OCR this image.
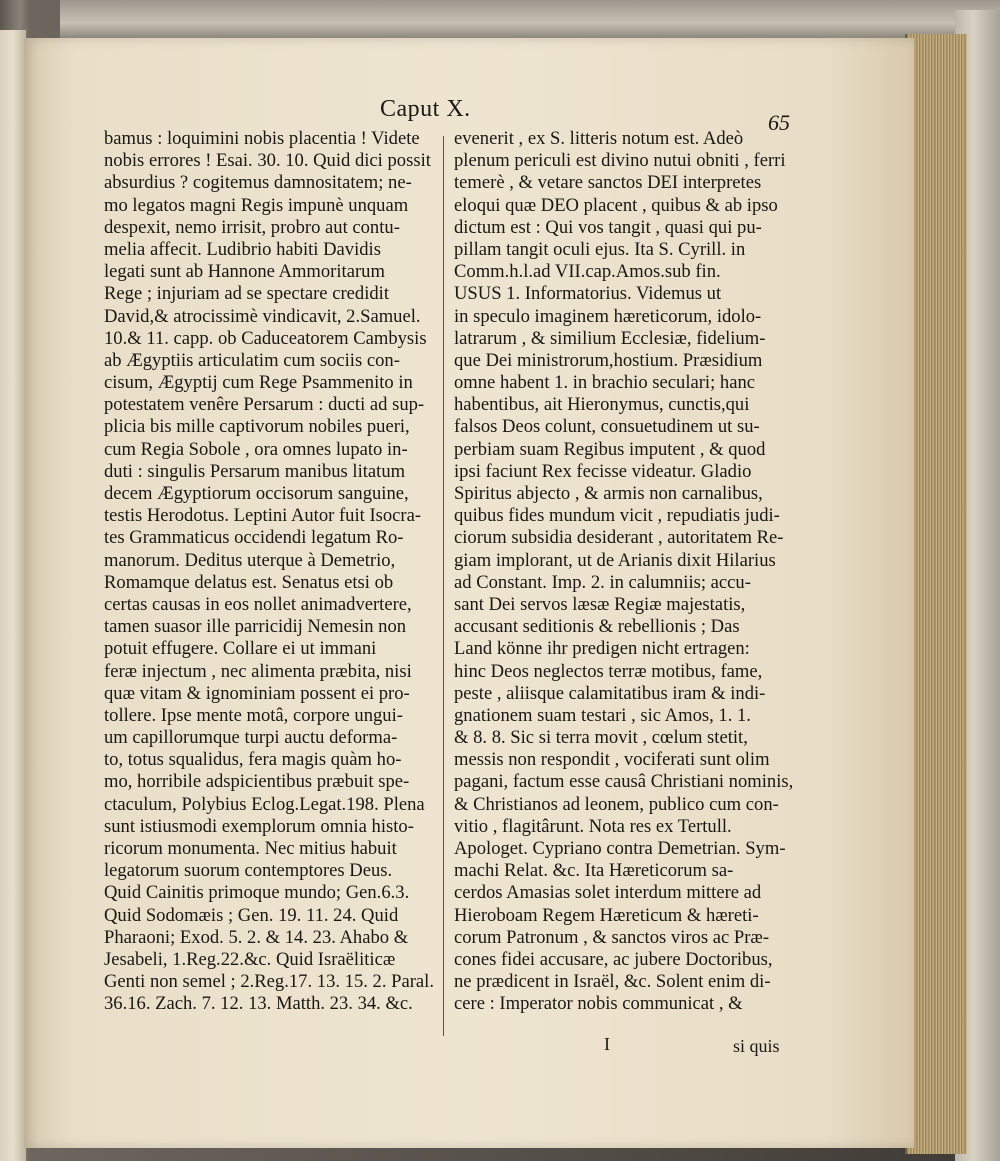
Caput X.
65
bamus : loquimini nobis placentia ! Videte
nobis errores ! Esai. 30. 10. Quid dici possit
absurdius ? cogitemus damnositatem; ne-
mo legatos magni Regis impunè unquam
despexit, nemo irrisit, probro aut contu-
melia affecit. Ludibrio habiti Davidis
legati sunt ab Hannone Ammoritarum
Rege ; injuriam ad se spectare credidit
David,& atrocissimè vindicavit, 2.Samuel.
10.& 11. capp. ob Caduceatorem Cambysis
ab Ægyptiis articulatim cum sociis con-
cisum, Ægyptij cum Rege Psammenito in
potestatem venêre Persarum : ducti ad sup-
plicia bis mille captivorum nobiles pueri,
cum Regia Sobole , ora omnes lupato in-
duti : singulis Persarum manibus litatum
decem Ægyptiorum occisorum sanguine,
testis Herodotus. Leptini Autor fuit Isocra-
tes Grammaticus occidendi legatum Ro-
manorum. Deditus uterque à Demetrio,
Romamque delatus est. Senatus etsi ob
certas causas in eos nollet animadvertere,
tamen suasor ille parricidij Nemesin non
potuit effugere. Collare ei ut immani
feræ injectum , nec alimenta præbita, nisi
quæ vitam & ignominiam possent ei pro-
tollere. Ipse mente motâ, corpore ungui-
um capillorumque turpi auctu deforma-
to, totus squalidus, fera magis quàm ho-
mo, horribile adspicientibus præbuit spe-
ctaculum, Polybius Eclog.Legat.198. Plena
sunt istiusmodi exemplorum omnia histo-
ricorum monumenta. Nec mitius habuit
legatorum suorum contemptores Deus.
Quid Cainitis primoque mundo; Gen.6.3.
Quid Sodomæis ; Gen. 19. 11. 24. Quid
Pharaoni; Exod. 5. 2. & 14. 23. Ahabo &
Jesabeli, 1.Reg.22.&c. Quid Israëliticæ
Genti non semel ; 2.Reg.17. 13. 15. 2. Paral.
36.16. Zach. 7. 12. 13. Matth. 23. 34. &c.
evenerit , ex S. litteris notum est. Adeò
plenum periculi est divino nutui obniti , ferri
temerè , & vetare sanctos DEI interpretes
eloqui quæ DEO placent , quibus & ab ipso
dictum est : Qui vos tangit , quasi qui pu-
pillam tangit oculi ejus. Ita S. Cyrill. in
Comm.h.l.ad VII.cap.Amos.sub fin.
USUS 1. Informatorius. Videmus ut
in speculo imaginem hæreticorum, idolo-
latrarum , & similium Ecclesiæ, fidelium-
que Dei ministrorum,hostium. Præsidium
omne habent 1. in brachio seculari; hanc
habentibus, ait Hieronymus, cunctis,qui
falsos Deos colunt, consuetudinem ut su-
perbiam suam Regibus imputent , & quod
ipsi faciunt Rex fecisse videatur. Gladio
Spiritus abjecto , & armis non carnalibus,
quibus fides mundum vicit , repudiatis judi-
ciorum subsidia desiderant , autoritatem Re-
giam implorant, ut de Arianis dixit Hilarius
ad Constant. Imp. 2. in calumniis; accu-
sant Dei servos læsæ Regiæ majestatis,
accusant seditionis & rebellionis ; Das
Land könne ihr predigen nicht ertragen:
hinc Deos neglectos terræ motibus, fame,
peste , aliisque calamitatibus iram & indi-
gnationem suam testari , sic Amos, 1. 1.
& 8. 8. Sic si terra movit , cœlum stetit,
messis non respondit , vociferati sunt olim
pagani, factum esse causâ Christiani nominis,
& Christianos ad leonem, publico cum con-
vitio , flagitârunt. Nota res ex Tertull.
Apologet. Cypriano contra Demetrian. Sym-
machi Relat. &c. Ita Hæreticorum sa-
cerdos Amasias solet interdum mittere ad
Hieroboam Regem Hæreticum & hæreti-
corum Patronum , & sanctos viros ac Præ-
cones fidei accusare, ac jubere Doctoribus,
ne prædicent in Israël, &c. Solent enim di-
cere : Imperator nobis communicat , &
I	si quis
